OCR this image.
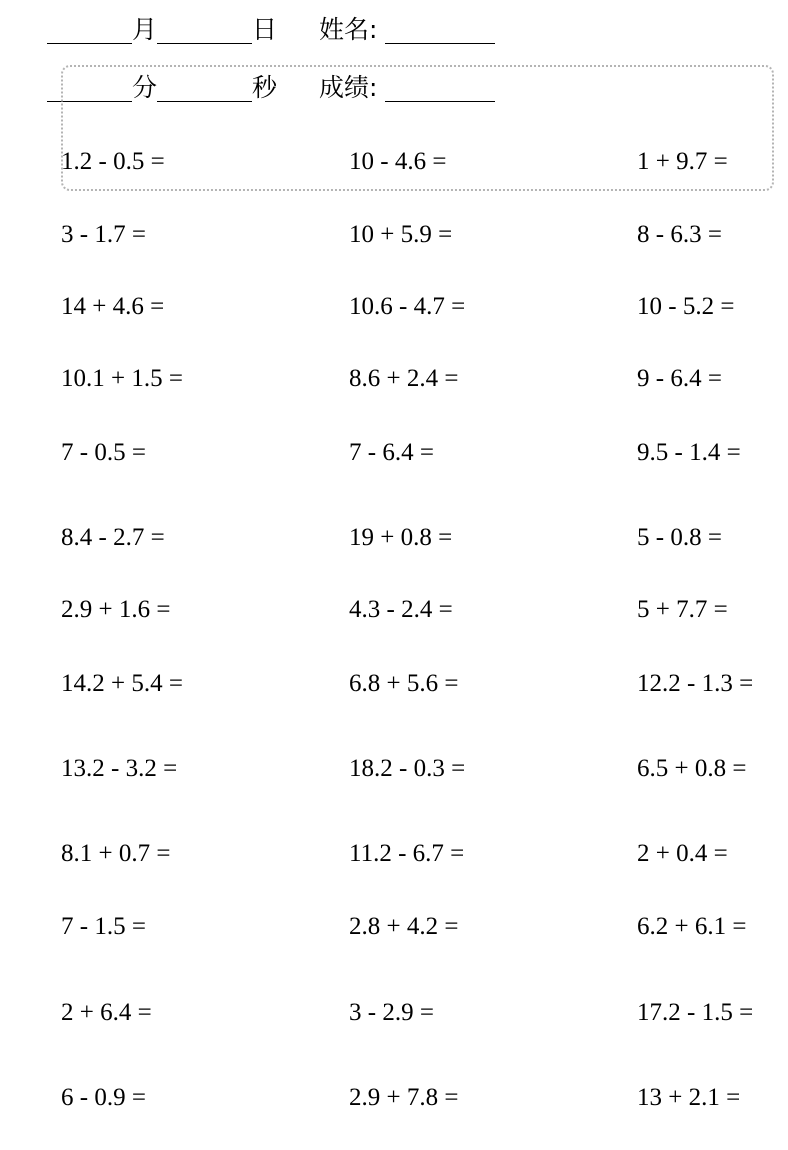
月	日 姓名:
分	秒 成绩:
1.2 - 0.5 =	10 - 4.6 =	1 + 9.7 =
3 - 1.7 =	10 + 5.9 =	8 - 6.3 =
14 + 4.6 =	10.6 - 4.7 =	10 - 5.2 =
10.1 + 1.5 =	8.6 + 2.4 =	9 - 6.4 =
7 - 0.5 =	7 - 6.4 =	9.5 - 1.4 =
8.4 - 2.7 =	19 + 0.8 =	5 - 0.8 =
2.9 + 1.6 =	4.3 - 2.4 =	5 + 7.7 =
14.2 + 5.4 =	6.8 + 5.6 =	12.2 - 1.3 =
13.2 - 3.2 =	18.2 - 0.3 =	6.5 + 0.8 =
8.1 + 0.7 =	11.2 - 6.7 =	2 + 0.4 =
7 - 1.5 =	2.8 + 4.2 =	6.2 + 6.1 =
2 + 6.4 =	3 - 2.9 =	17.2 - 1.5 =
6 - 0.9 =	2.9 + 7.8 =	13 + 2.1 =
